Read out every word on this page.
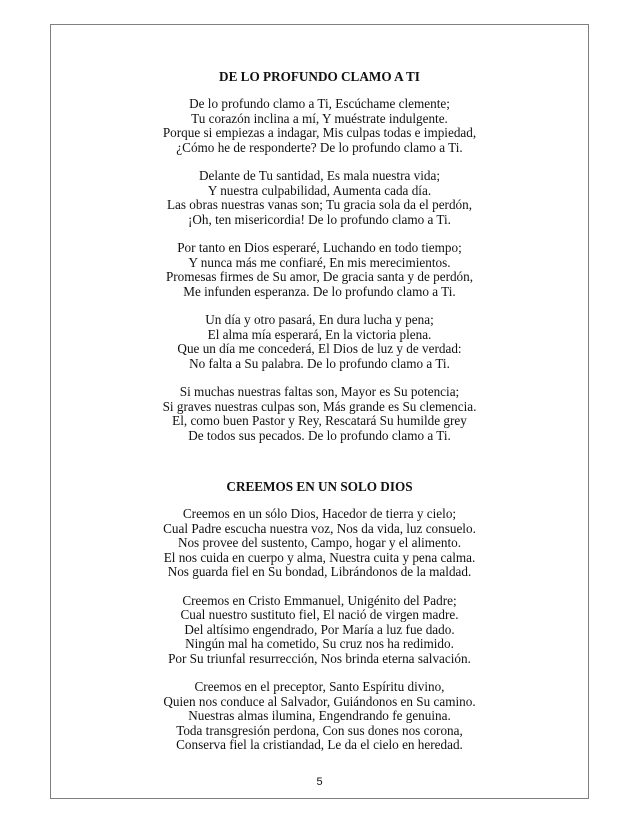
DE LO PROFUNDO CLAMO A TI
De lo profundo clamo a Ti, Escúchame clemente;
Tu corazón inclina a mí, Y muéstrate indulgente.
Porque si empiezas a indagar, Mis culpas todas e impiedad,
¿Cómo he de responderte? De lo profundo clamo a Ti.
Delante de Tu santidad, Es mala nuestra vida;
Y nuestra culpabilidad, Aumenta cada día.
Las obras nuestras vanas son; Tu gracia sola da el perdón,
¡Oh, ten misericordia! De lo profundo clamo a Ti.
Por tanto en Dios esperaré, Luchando en todo tiempo;
Y nunca más me confiaré, En mis merecimientos.
Promesas firmes de Su amor, De gracia santa y de perdón,
Me infunden esperanza. De lo profundo clamo a Ti.
Un día y otro pasará, En dura lucha y pena;
El alma mía esperará, En la victoria plena.
Que un día me concederá, El Dios de luz y de verdad:
No falta a Su palabra. De lo profundo clamo a Ti.
Si muchas nuestras faltas son, Mayor es Su potencia;
Si graves nuestras culpas son, Más grande es Su clemencia.
El, como buen Pastor y Rey, Rescatará Su humilde grey
De todos sus pecados. De lo profundo clamo a Ti.
CREEMOS EN UN SOLO DIOS
Creemos en un sólo Dios, Hacedor de tierra y cielo;
Cual Padre escucha nuestra voz, Nos da vida, luz consuelo.
Nos provee del sustento, Campo, hogar y el alimento.
El nos cuida en cuerpo y alma, Nuestra cuita y pena calma.
Nos guarda fiel en Su bondad, Librándonos de la maldad.
Creemos en Cristo Emmanuel, Unigénito del Padre;
Cual nuestro sustituto fiel, El nació de virgen madre.
Del altísimo engendrado, Por María a luz fue dado.
Ningún mal ha cometido, Su cruz nos ha redimido.
Por Su triunfal resurrección, Nos brinda eterna salvación.
Creemos en el preceptor, Santo Espíritu divino,
Quien nos conduce al Salvador, Guiándonos en Su camino.
Nuestras almas ilumina, Engendrando fe genuina.
Toda transgresión perdona, Con sus dones nos corona,
Conserva fiel la cristiandad, Le da el cielo en heredad.
5
